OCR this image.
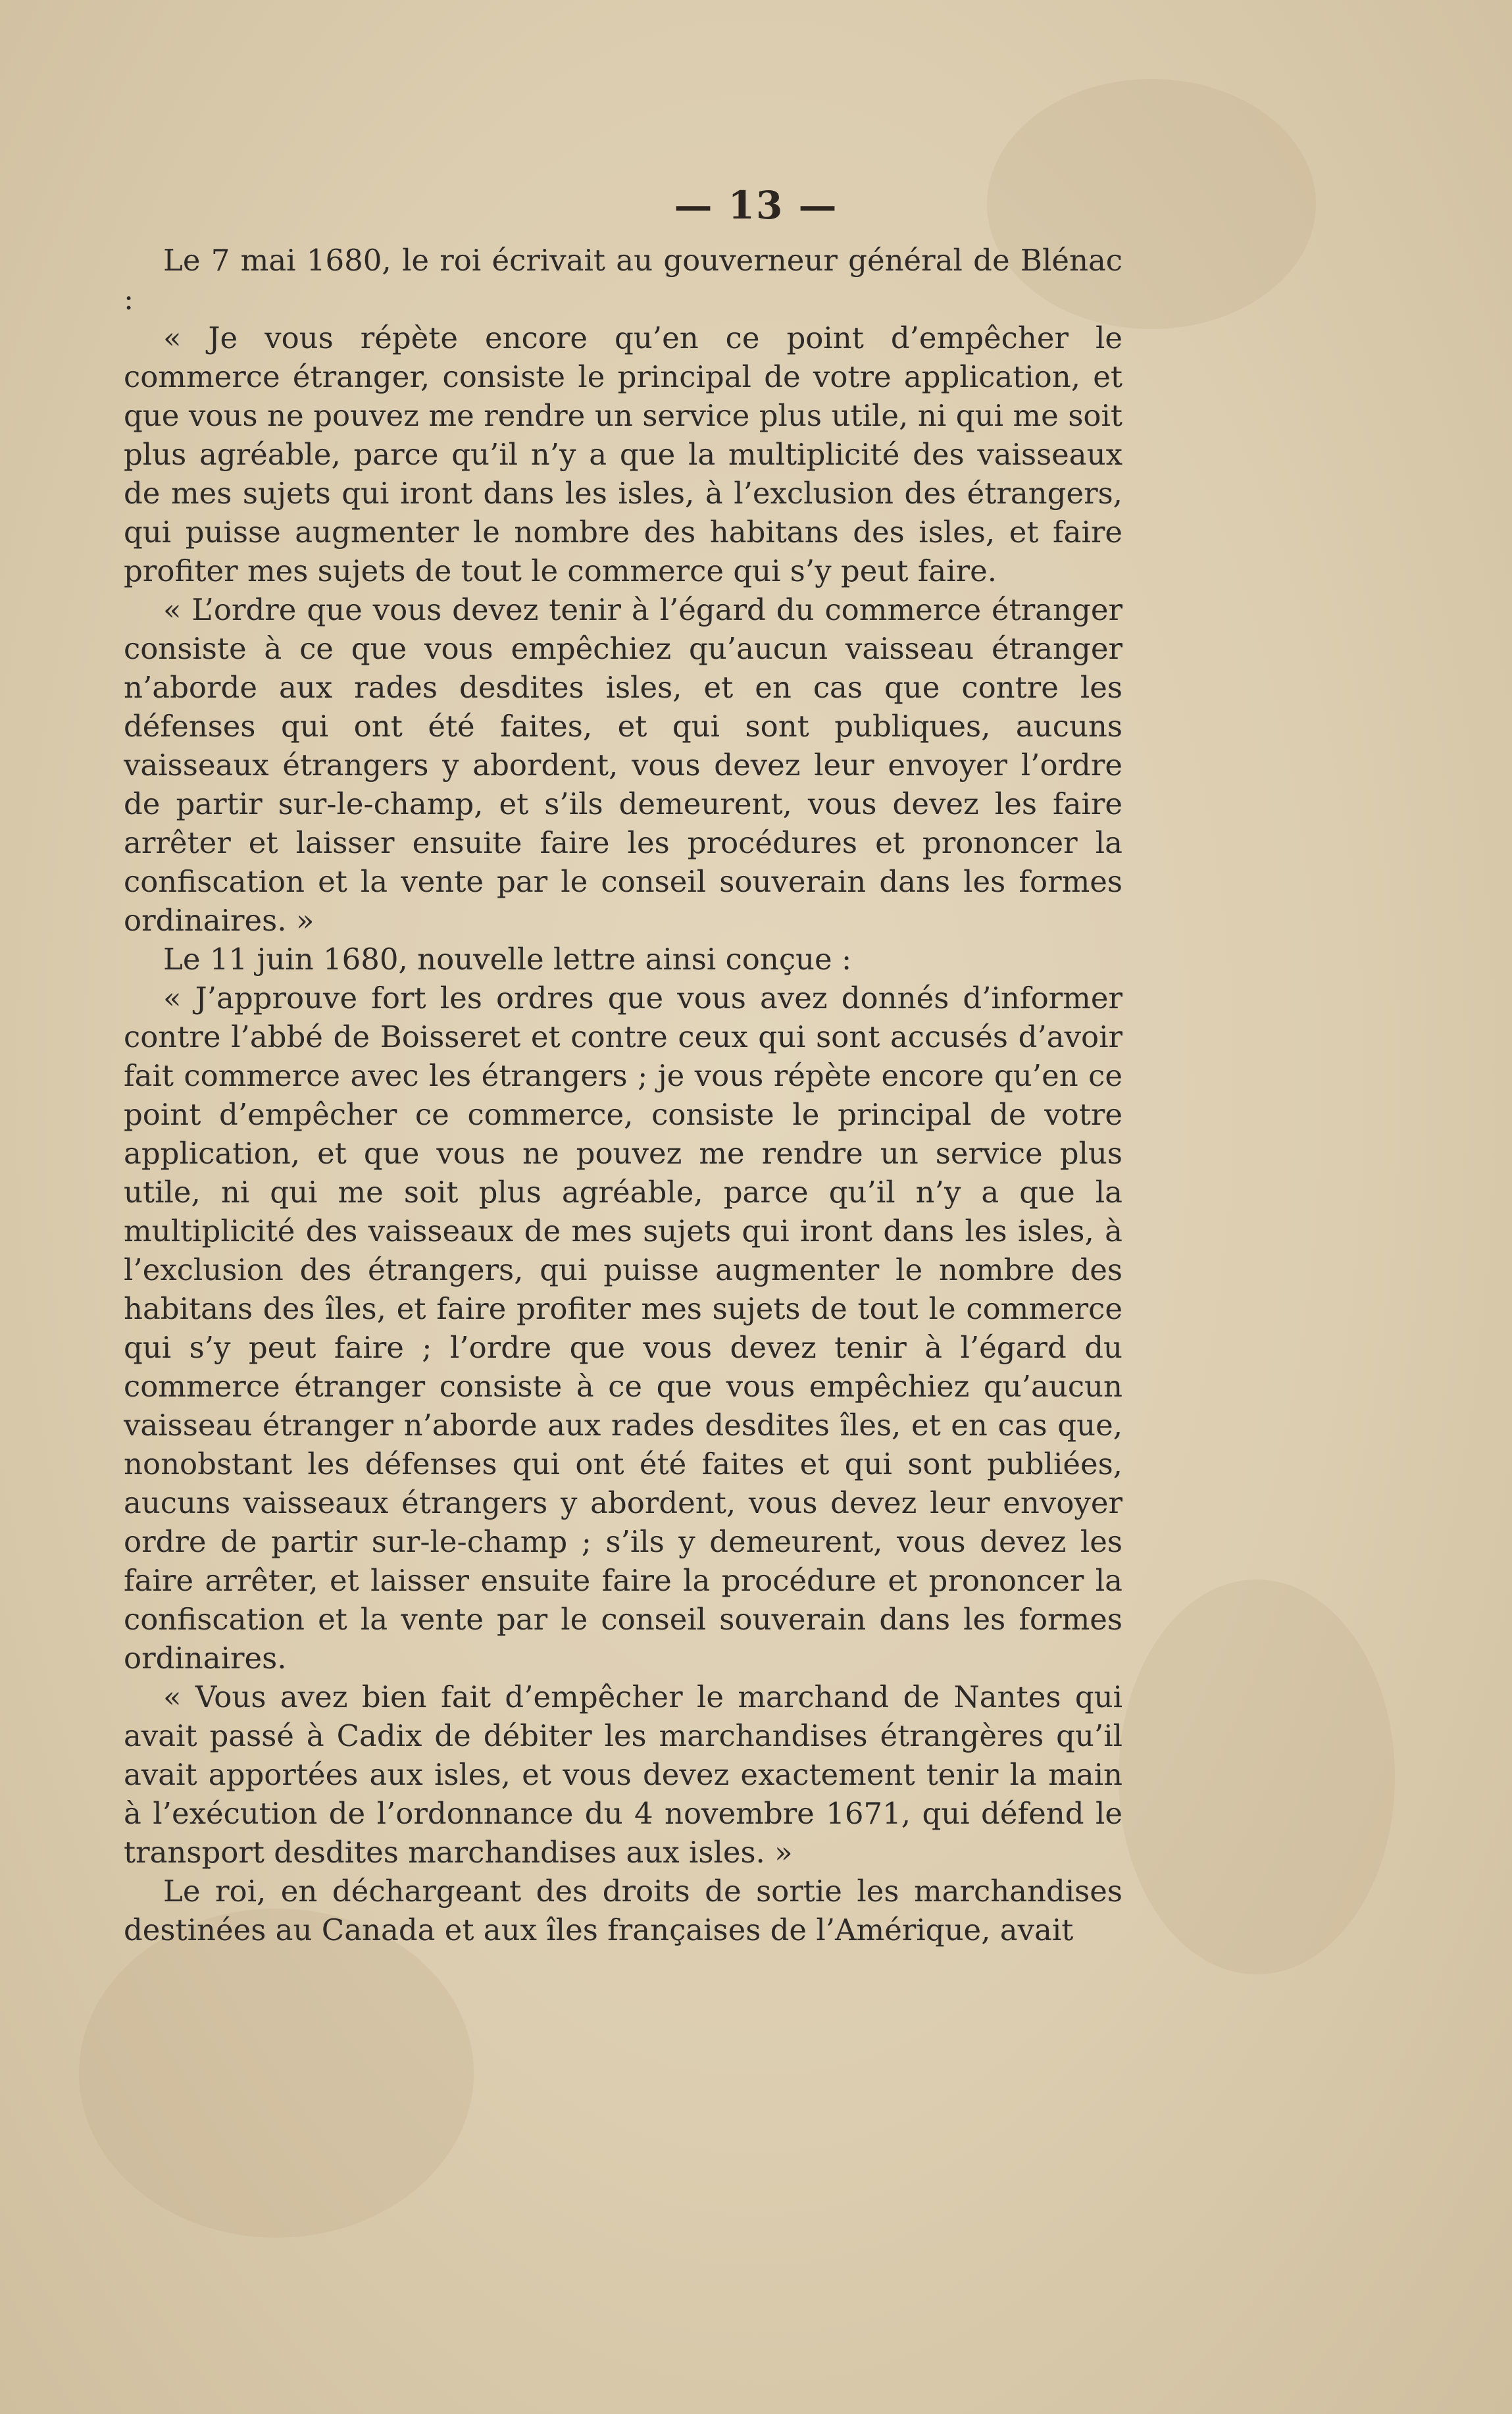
— 13 —

Le 7 mai 1680, le roi écrivait au gouverneur général de Blénac :

« Je vous répète encore qu’en ce point d’empêcher le commerce étranger, consiste le principal de votre application, et que vous ne pouvez me rendre un service plus utile, ni qui me soit plus agréable, parce qu’il n’y a que la multiplicité des vaisseaux de mes sujets qui iront dans les isles, à l’exclusion des étrangers, qui puisse augmenter le nombre des habitans des isles, et faire profiter mes sujets de tout le commerce qui s’y peut faire.

« L’ordre que vous devez tenir à l’égard du commerce étranger consiste à ce que vous empêchiez qu’aucun vaisseau étranger n’aborde aux rades desdites isles, et en cas que contre les défenses qui ont été faites, et qui sont publiques, aucuns vaisseaux étrangers y abordent, vous devez leur envoyer l’ordre de partir sur-le-champ, et s’ils demeurent, vous devez les faire arrêter et laisser ensuite faire les procédures et prononcer la confiscation et la vente par le conseil souverain dans les formes ordinaires. »

Le 11 juin 1680, nouvelle lettre ainsi conçue :

« J’approuve fort les ordres que vous avez donnés d’informer contre l’abbé de Boisseret et contre ceux qui sont accusés d’avoir fait commerce avec les étrangers ; je vous répète encore qu’en ce point d’empêcher ce commerce, consiste le principal de votre application, et que vous ne pouvez me rendre un service plus utile, ni qui me soit plus agréable, parce qu’il n’y a que la multiplicité des vaisseaux de mes sujets qui iront dans les isles, à l’exclusion des étrangers, qui puisse augmenter le nombre des habitans des îles, et faire profiter mes sujets de tout le commerce qui s’y peut faire ; l’ordre que vous devez tenir à l’égard du commerce étranger consiste à ce que vous empêchiez qu’aucun vaisseau étranger n’aborde aux rades desdites îles, et en cas que, nonobstant les défenses qui ont été faites et qui sont publiées, aucuns vaisseaux étrangers y abordent, vous devez leur envoyer ordre de partir sur-le-champ ; s’ils y demeurent, vous devez les faire arrêter, et laisser ensuite faire la procédure et prononcer la confiscation et la vente par le conseil souverain dans les formes ordinaires.

« Vous avez bien fait d’empêcher le marchand de Nantes qui avait passé à Cadix de débiter les marchandises étrangères qu’il avait apportées aux isles, et vous devez exactement tenir la main à l’exécution de l’ordonnance du 4 novembre 1671, qui défend le transport desdites marchandises aux isles. »

Le roi, en déchargeant des droits de sortie les marchandises destinées au Canada et aux îles françaises de l’Amérique, avait
